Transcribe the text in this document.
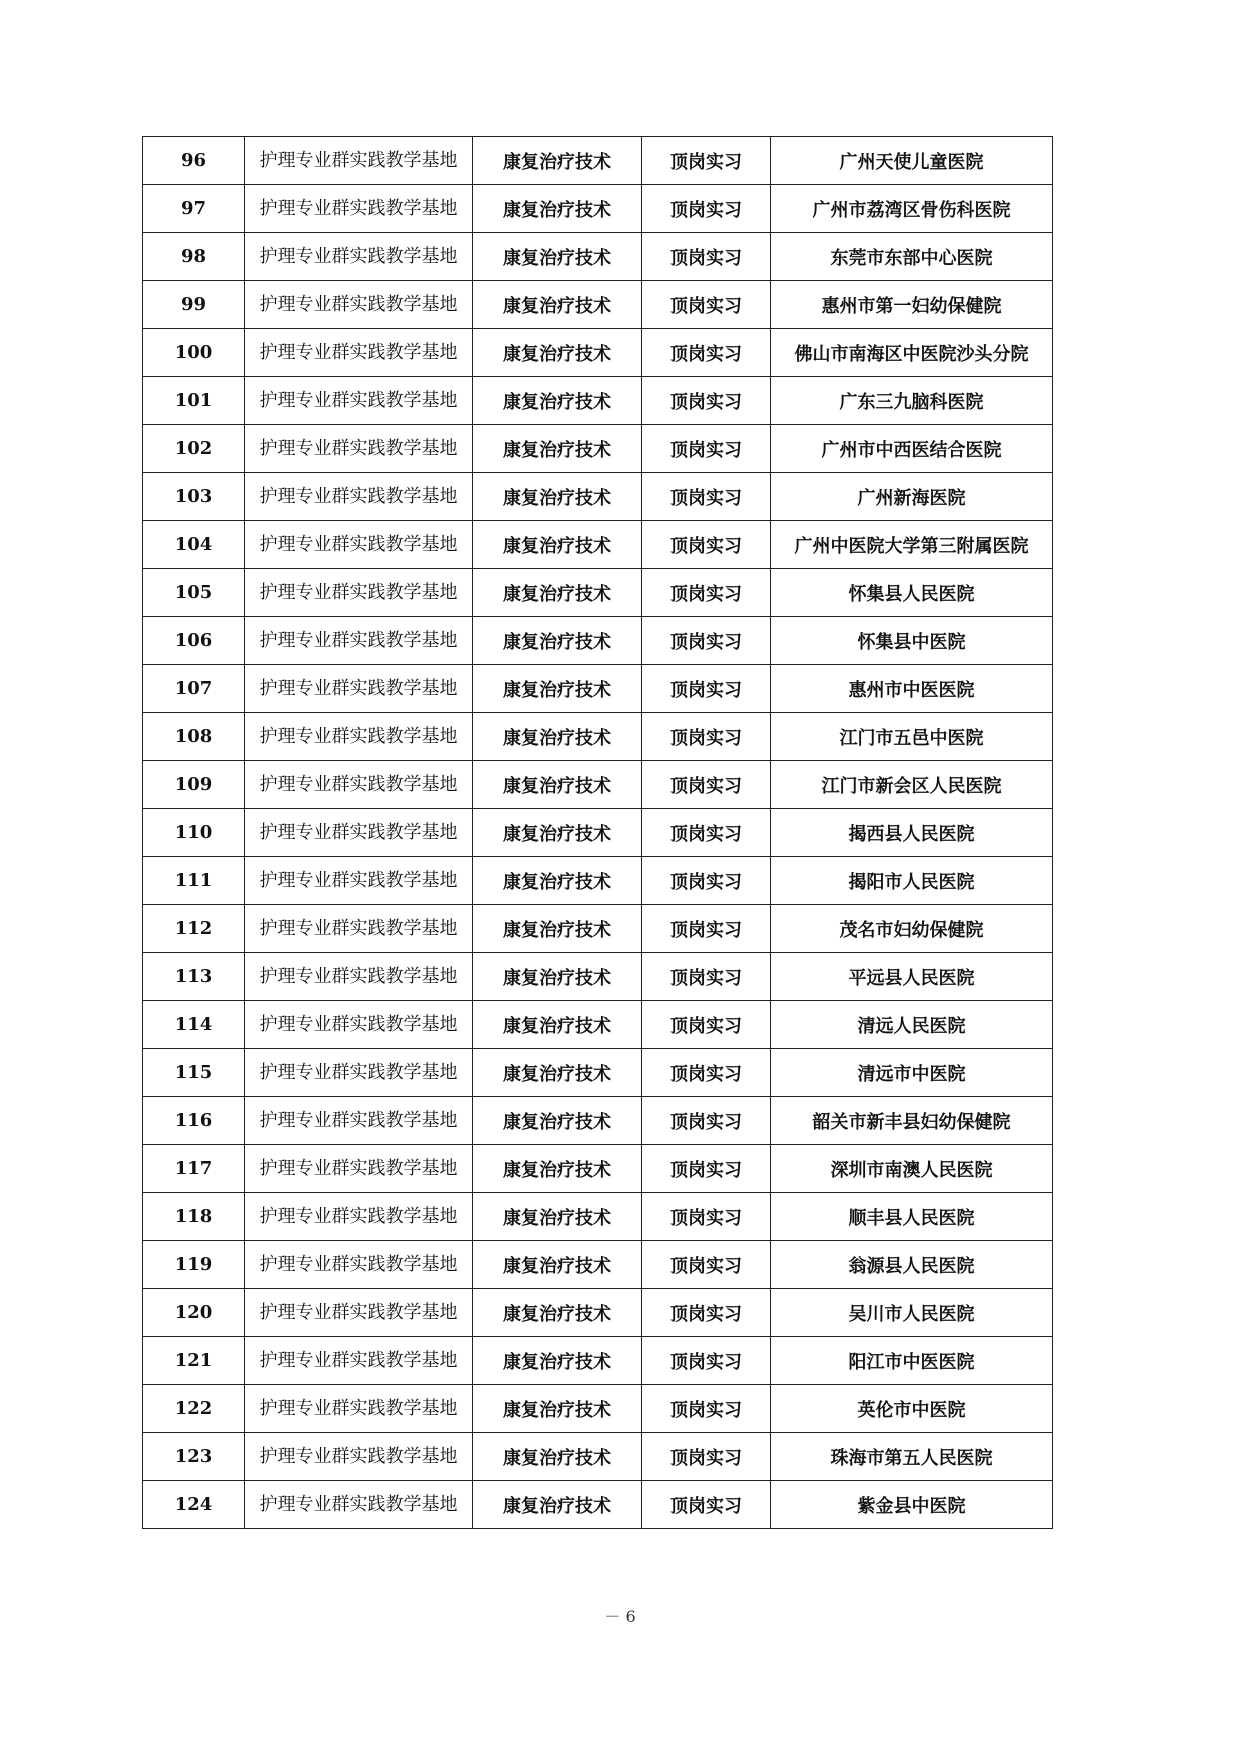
96	护理专业群实践教学基地	康复治疗技术	顶岗实习	广州天使儿童医院
97	护理专业群实践教学基地	康复治疗技术	顶岗实习	广州市荔湾区骨伤科医院
98	护理专业群实践教学基地	康复治疗技术	顶岗实习	东莞市东部中心医院
99	护理专业群实践教学基地	康复治疗技术	顶岗实习	惠州市第一妇幼保健院
100	护理专业群实践教学基地	康复治疗技术	顶岗实习	佛山市南海区中医院沙头分院
101	护理专业群实践教学基地	康复治疗技术	顶岗实习	广东三九脑科医院
102	护理专业群实践教学基地	康复治疗技术	顶岗实习	广州市中西医结合医院
103	护理专业群实践教学基地	康复治疗技术	顶岗实习	广州新海医院
104	护理专业群实践教学基地	康复治疗技术	顶岗实习	广州中医院大学第三附属医院
105	护理专业群实践教学基地	康复治疗技术	顶岗实习	怀集县人民医院
106	护理专业群实践教学基地	康复治疗技术	顶岗实习	怀集县中医院
107	护理专业群实践教学基地	康复治疗技术	顶岗实习	惠州市中医医院
108	护理专业群实践教学基地	康复治疗技术	顶岗实习	江门市五邑中医院
109	护理专业群实践教学基地	康复治疗技术	顶岗实习	江门市新会区人民医院
110	护理专业群实践教学基地	康复治疗技术	顶岗实习	揭西县人民医院
111	护理专业群实践教学基地	康复治疗技术	顶岗实习	揭阳市人民医院
112	护理专业群实践教学基地	康复治疗技术	顶岗实习	茂名市妇幼保健院
113	护理专业群实践教学基地	康复治疗技术	顶岗实习	平远县人民医院
114	护理专业群实践教学基地	康复治疗技术	顶岗实习	清远人民医院
115	护理专业群实践教学基地	康复治疗技术	顶岗实习	清远市中医院
116	护理专业群实践教学基地	康复治疗技术	顶岗实习	韶关市新丰县妇幼保健院
117	护理专业群实践教学基地	康复治疗技术	顶岗实习	深圳市南澳人民医院
118	护理专业群实践教学基地	康复治疗技术	顶岗实习	顺丰县人民医院
119	护理专业群实践教学基地	康复治疗技术	顶岗实习	翁源县人民医院
120	护理专业群实践教学基地	康复治疗技术	顶岗实习	吴川市人民医院
121	护理专业群实践教学基地	康复治疗技术	顶岗实习	阳江市中医医院
122	护理专业群实践教学基地	康复治疗技术	顶岗实习	英伦市中医院
123	护理专业群实践教学基地	康复治疗技术	顶岗实习	珠海市第五人民医院
124	护理专业群实践教学基地	康复治疗技术	顶岗实习	紫金县中医院
－ 6
